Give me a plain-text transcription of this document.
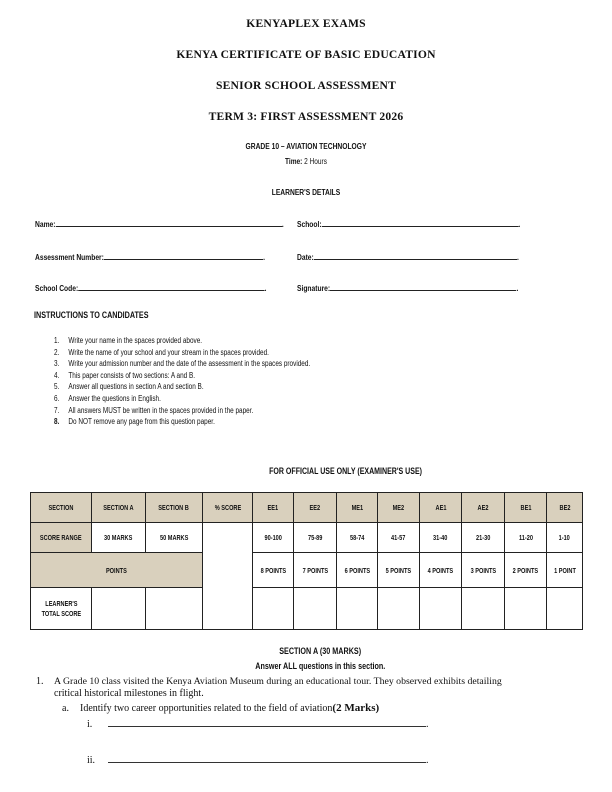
KENYAPLEX EXAMS
KENYA CERTIFICATE OF BASIC EDUCATION
SENIOR SCHOOL ASSESSMENT
TERM 3: FIRST ASSESSMENT 2026
GRADE 10 – AVIATION TECHNOLOGY
Time: 2 Hours
LEARNER'S DETAILS
Name:	. School:	.
Assessment Number:	.	Date:	.
School Code:	.	Signature:	.
INSTRUCTIONS TO CANDIDATES
1. Write your name in the spaces provided above.
2. Write the name of your school and your stream in the spaces provided.
3. Write your admission number and the date of the assessment in the spaces provided.
4. This paper consists of two sections: A and B.
5. Answer all questions in section A and section B.
6. Answer the questions in English.
7. All answers MUST be written in the spaces provided in the paper.
8. Do NOT remove any page from this question paper.
FOR OFFICIAL USE ONLY (EXAMINER'S USE)
SECTION	SECTION A	SECTION B	% SCORE	EE1	EE2	ME1	ME2	AE1	AE2	BE1	BE2
SCORE RANGE	30 MARKS	50 MARKS		90-100	75-89	58-74	41-57	31-40	21-30	11-20	1-10
POINTS				8 POINTS	7 POINTS	6 POINTS	5 POINTS	4 POINTS	3 POINTS	2 POINTS	1 POINT
LEARNER'S
TOTAL SCORE											
SECTION A (30 MARKS)
Answer ALL questions in this section.
1. A Grade 10 class visited the Kenya Aviation Museum during an educational tour. They observed exhibits detailing
critical historical milestones in flight.
a. Identify two career opportunities related to the field of aviation(2 Marks)
i.	.
ii.	.
